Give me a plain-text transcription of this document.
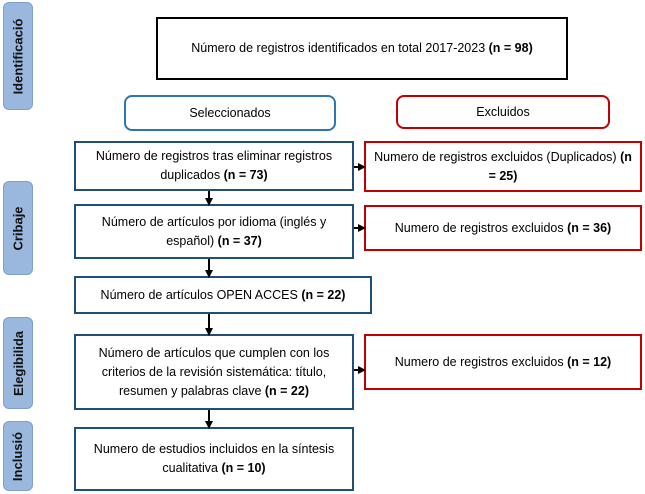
Identificació
Cribaje
Elegibilida
Inclusió
Número de registros identificados en total 2017-2023 (n = 98)
Seleccionados	Excluidos
Número de registros tras eliminar registros duplicados (n = 73)
Número de artículos por idioma (inglés y español) (n = 37)
Número de artículos OPEN ACCES (n = 22)
Número de artículos que cumplen con los criterios de la revisión sistemática: título, resumen y palabras clave (n = 22)
Numero de estudios incluidos en la síntesis cualitativa (n = 10)
Numero de registros excluidos (Duplicados) (n = 25)
Numero de registros excluidos (n = 36)
Numero de registros excluidos (n = 12)
